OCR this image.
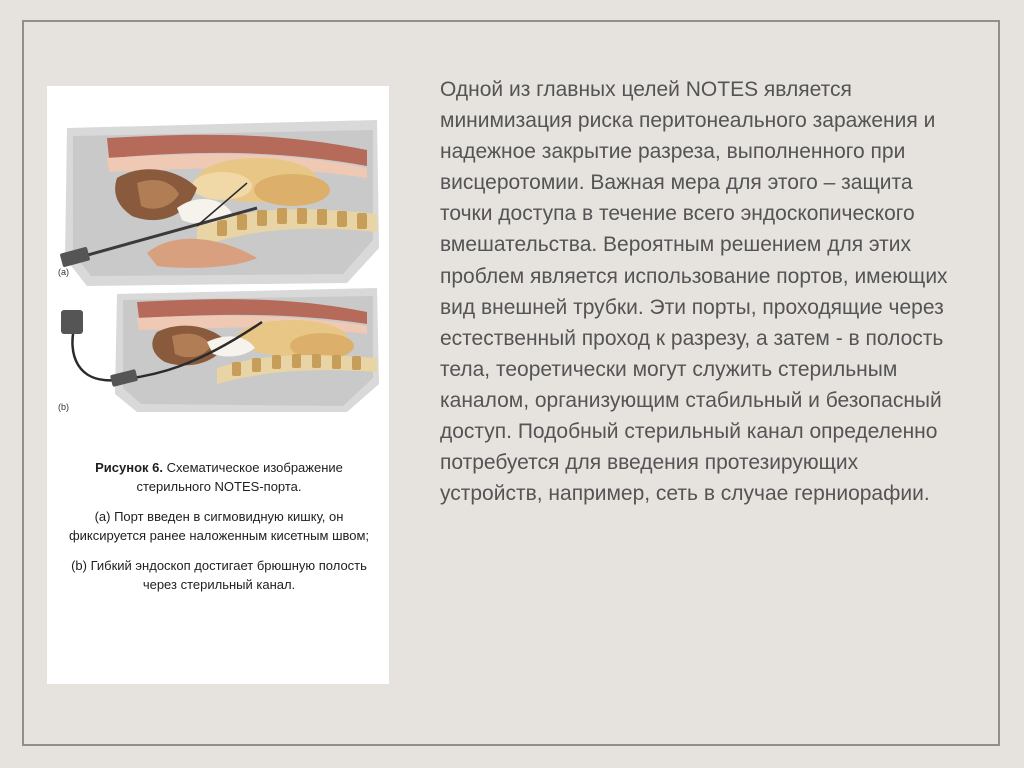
(a)
(b)

Рисунок 6. Схематическое изображение стерильного NOTES-порта.

(a) Порт введен в сигмовидную кишку, он фиксируется ранее наложенным кисетным швом;

(b) Гибкий эндоскоп достигает брюшную полость через стерильный канал.

Одной из главных целей NOTES является минимизация риска перитонеального заражения и надежное закрытие разреза, выполненного при висцеротомии. Важная мера для этого – защита точки доступа в течение всего эндоскопического вмешательства. Вероятным решением для этих проблем является использование портов, имеющих вид внешней трубки. Эти порты, проходящие через естественный проход к разрезу, а затем - в полость тела, теоретически могут служить стерильным каналом, организующим стабильный и безопасный доступ. Подобный стерильный канал определенно потребуется для введения протезирующих устройств, например, сеть в случае герниорафии.
